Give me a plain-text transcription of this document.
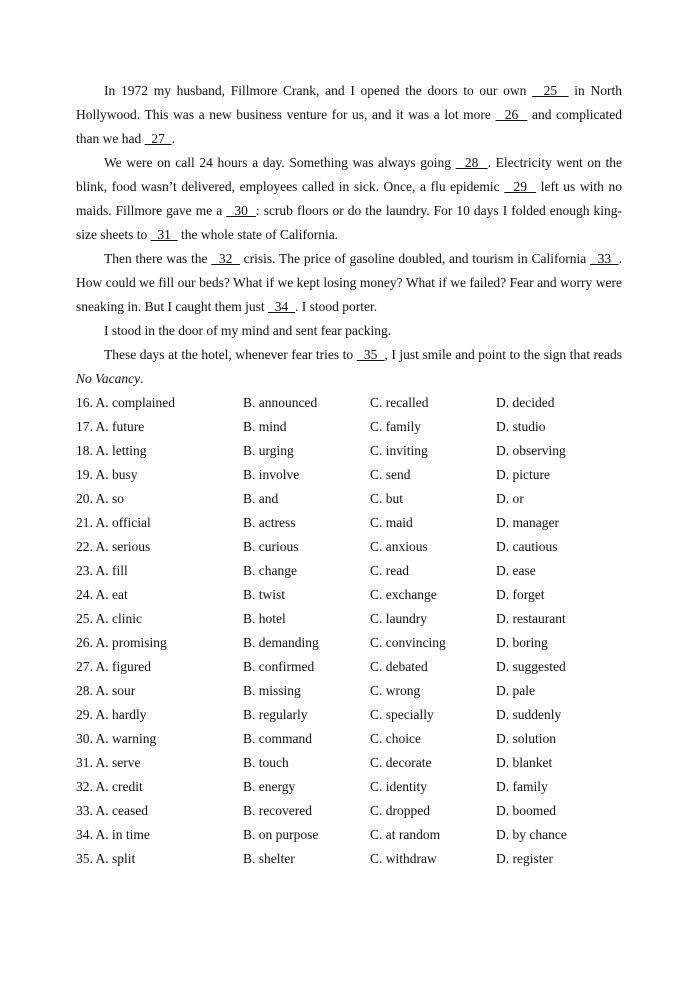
In 1972 my husband, Fillmore Crank, and I opened the doors to our own   25   in North Hollywood. This was a new business venture for us, and it was a lot more   26   and complicated than we had   27  .

We were on call 24 hours a day. Something was always going   28  . Electricity went on the blink, food wasn’t delivered, employees called in sick. Once, a flu epidemic   29   left us with no maids. Fillmore gave me a   30  : scrub floors or do the laundry. For 10 days I folded enough king-size sheets to   31   the whole state of California.

Then there was the   32   crisis. The price of gasoline doubled, and tourism in California   33  . How could we fill our beds? What if we kept losing money? What if we failed? Fear and worry were sneaking in. But I caught them just   34  . I stood porter.

I stood in the door of my mind and sent fear packing.

These days at the hotel, whenever fear tries to   35  , I just smile and point to the sign that reads No Vacancy.

16. A. complained	B. announced	C. recalled	D. decided
17. A. future	B. mind	C. family	D. studio
18. A. letting	B. urging	C. inviting	D. observing
19. A. busy	B. involve	C. send	D. picture
20. A. so	B. and	C. but	D. or
21. A. official	B. actress	C. maid	D. manager
22. A. serious	B. curious	C. anxious	D. cautious
23. A. fill	B. change	C. read	D. ease
24. A. eat	B. twist	C. exchange	D. forget
25. A. clinic	B. hotel	C. laundry	D. restaurant
26. A. promising	B. demanding	C. convincing	D. boring
27. A. figured	B. confirmed	C. debated	D. suggested
28. A. sour	B. missing	C. wrong	D. pale
29. A. hardly	B. regularly	C. specially	D. suddenly
30. A. warning	B. command	C. choice	D. solution
31. A. serve	B. touch	C. decorate	D. blanket
32. A. credit	B. energy	C. identity	D. family
33. A. ceased	B. recovered	C. dropped	D. boomed
34. A. in time	B. on purpose	C. at random	D. by chance
35. A. split	B. shelter	C. withdraw	D. register
